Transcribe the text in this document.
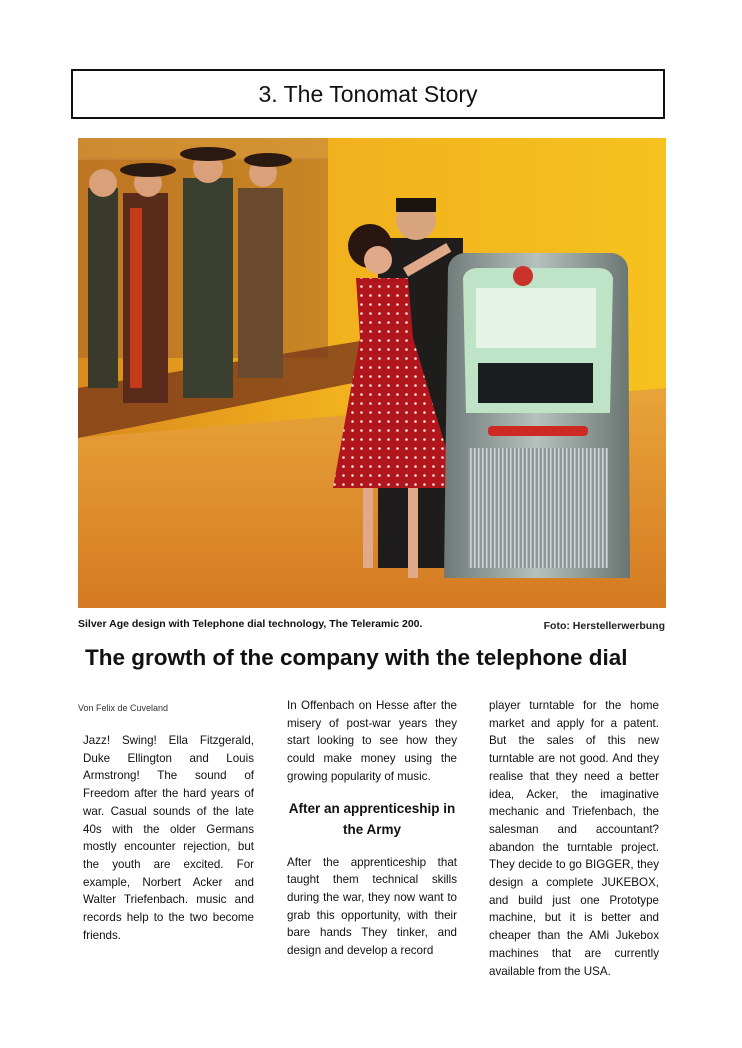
3. The Tonomat Story
Silver Age design with Telephone dial technology, The Teleramic 200.	Foto: Herstellerwerbung
The growth of the company with the telephone dial
Von Felix de Cuveland

Jazz! Swing! Ella Fitzgerald, Duke Ellington and Louis Armstrong! The sound of Freedom after the hard years of war. Casual sounds of the late 40s with the older Germans mostly encounter rejection, but the youth are excited. For example, Norbert Acker and Walter Triefenbach. music and records help to the two become friends.

In Offenbach on Hesse after the misery of post-war years they start looking to see how they could make money using the growing popularity of music.

After an apprenticeship in the Army

After the apprenticeship that taught them technical skills during the war, they now want to grab this opportunity, with their bare hands They tinker, and design and develop a record

player turntable for the home market and apply for a patent. But the sales of this new turntable are not good. And they realise that they need a better idea, Acker, the imaginative mechanic and Triefenbach, the salesman and accountant? abandon the turntable project. They decide to go BIGGER, they design a complete JUKEBOX, and build just one Prototype machine, but it is better and cheaper than the AMi Jukebox machines that are currently available from the USA.
